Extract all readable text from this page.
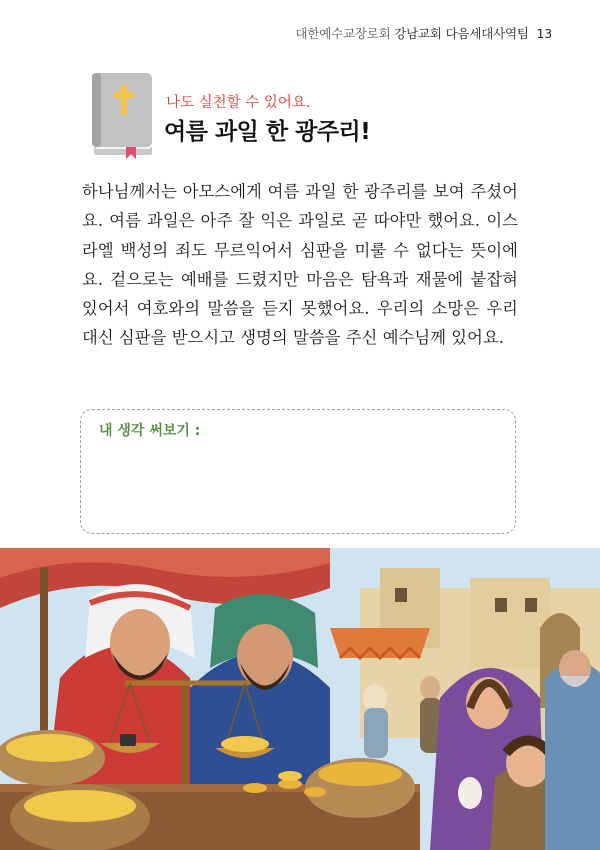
대한예수교장로회 강남교회 다음세대사역팀 13
나도 실천할 수 있어요.
여름 과일 한 광주리!

하나님께서는 아모스에게 여름 과일 한 광주리를 보여 주셨어요. 여름 과일은 아주 잘 익은 과일로 곧 따야만 했어요. 이스라엘 백성의 죄도 무르익어서 심판을 미룰 수 없다는 뜻이에요. 겉으로는 예배를 드렸지만 마음은 탐욕과 재물에 붙잡혀 있어서 여호와의 말씀을 듣지 못했어요. 우리의 소망은 우리 대신 심판을 받으시고 생명의 말씀을 주신 예수님께 있어요.

내 생각 써보기 :
